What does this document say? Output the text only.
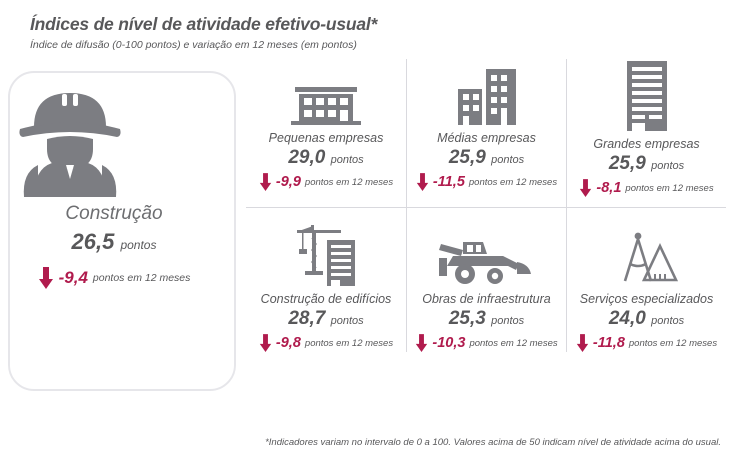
Índices de nível de atividade efetivo-usual*
Índice de difusão (0-100 pontos) e variação em 12 meses (em pontos)
Construção
26,5 pontos
-9,4 pontos em 12 meses
Pequenas empresas
29,0 pontos
-9,9 pontos em 12 meses
Médias empresas
25,9 pontos
-11,5 pontos em 12 meses
Grandes empresas
25,9 pontos
-8,1 pontos em 12 meses
Construção de edifícios
28,7 pontos
-9,8 pontos em 12 meses
Obras de infraestrutura
25,3 pontos
-10,3 pontos em 12 meses
Serviços especializados
24,0 pontos
-11,8 pontos em 12 meses
*Indicadores variam no intervalo de 0 a 100. Valores acima de 50 indicam nível de atividade acima do usual.
